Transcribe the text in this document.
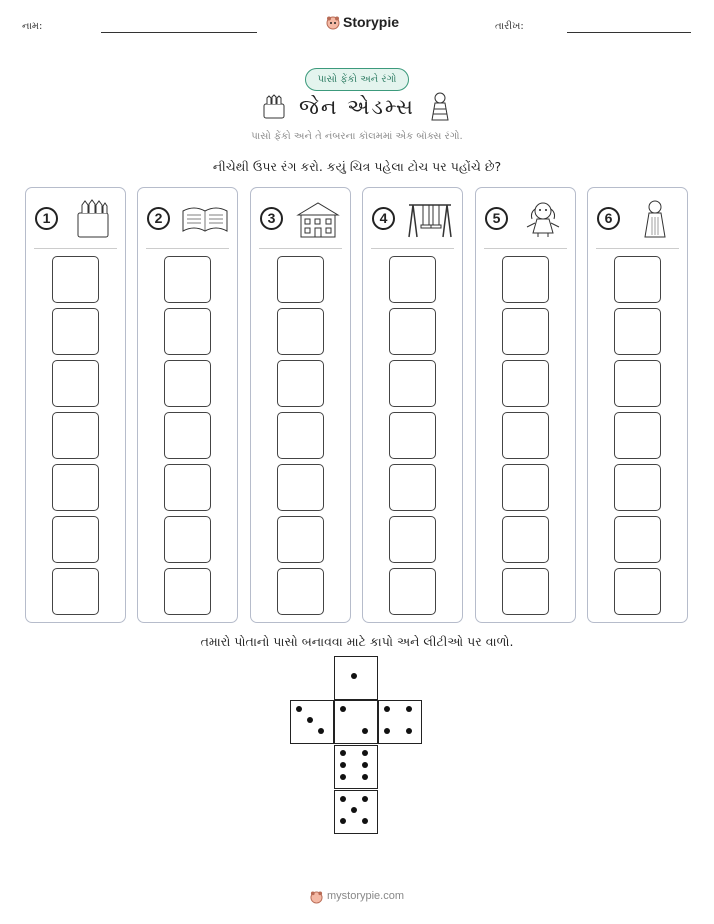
નામ:	Storypie	તારીખ:
પાસો ફેંકો અને રંગો
જેન એડમ્સ
પાસો ફેંકો અને તે નંબરના કૉલમમાં એક બૉક્સ રંગો.
નીચેથી ઉપર રંગ કરો. કયું ચિત્ર પહેલા ટોચ પર પહોંચે છે?
1	2	3	4	5	6
તમારો પોતાનો પાસો બનાવવા માટે કાપો અને લીટીઓ પર વાળો.
mystorypie.com
